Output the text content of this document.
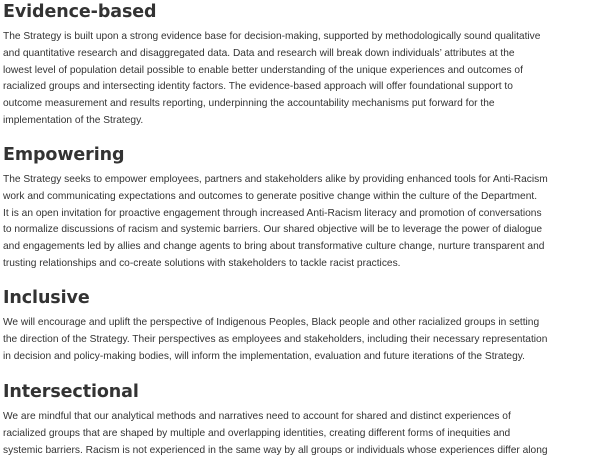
Evidence-based

The Strategy is built upon a strong evidence base for decision-making, supported by methodologically sound qualitative
and quantitative research and disaggregated data. Data and research will break down individuals’ attributes at the
lowest level of population detail possible to enable better understanding of the unique experiences and outcomes of
racialized groups and intersecting identity factors. The evidence-based approach will offer foundational support to
outcome measurement and results reporting, underpinning the accountability mechanisms put forward for the
implementation of the Strategy.

Empowering

The Strategy seeks to empower employees, partners and stakeholders alike by providing enhanced tools for Anti-Racism
work and communicating expectations and outcomes to generate positive change within the culture of the Department.
It is an open invitation for proactive engagement through increased Anti-Racism literacy and promotion of conversations
to normalize discussions of racism and systemic barriers. Our shared objective will be to leverage the power of dialogue
and engagements led by allies and change agents to bring about transformative culture change, nurture transparent and
trusting relationships and co-create solutions with stakeholders to tackle racist practices.

Inclusive

We will encourage and uplift the perspective of Indigenous Peoples, Black people and other racialized groups in setting
the direction of the Strategy. Their perspectives as employees and stakeholders, including their necessary representation
in decision and policy-making bodies, will inform the implementation, evaluation and future iterations of the Strategy.

Intersectional

We are mindful that our analytical methods and narratives need to account for shared and distinct experiences of
racialized groups that are shaped by multiple and overlapping identities, creating different forms of inequities and
systemic barriers. Racism is not experienced in the same way by all groups or individuals whose experiences differ along
